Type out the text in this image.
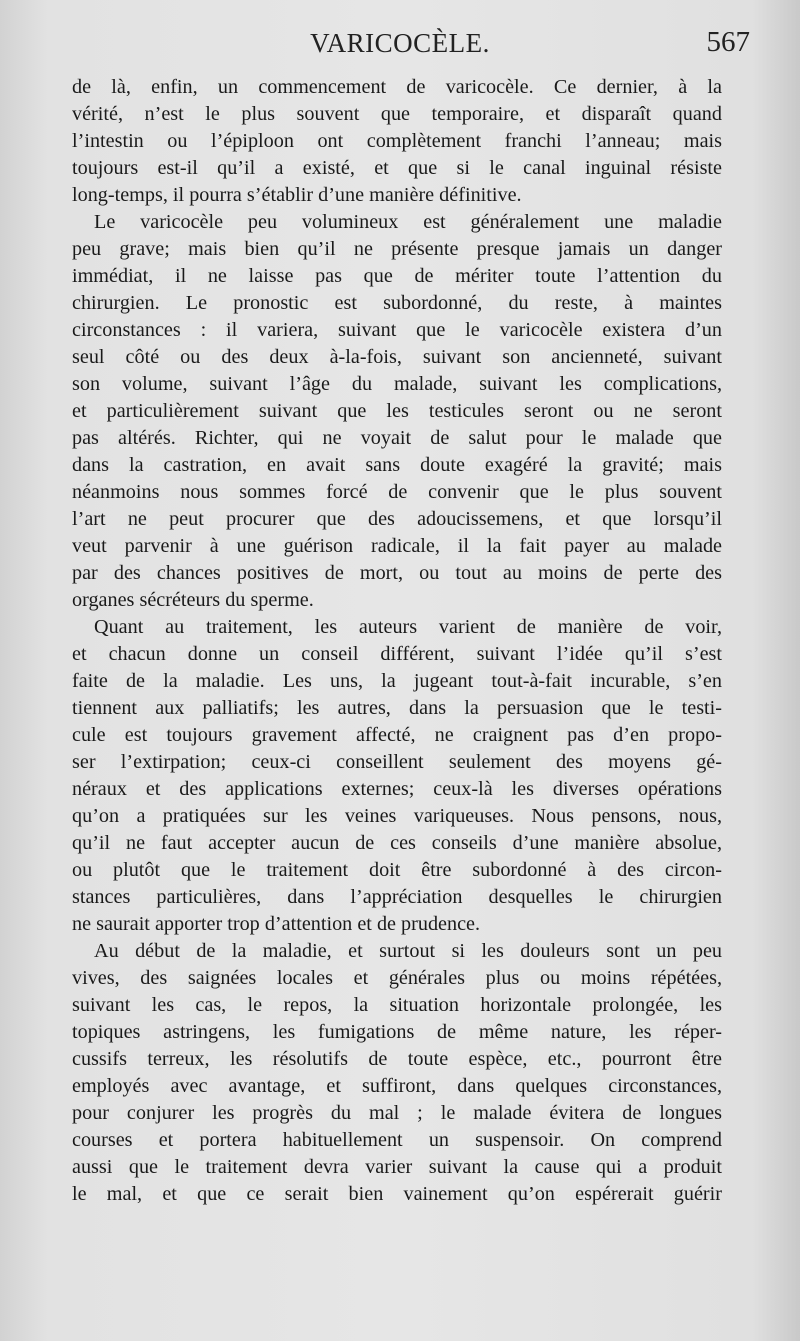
VARICOCÈLE.	567
de là, enfin, un commencement de varicocèle. Ce dernier, à la
vérité, n’est le plus souvent que temporaire, et disparaît quand
l’intestin ou l’épiploon ont complètement franchi l’anneau; mais
toujours est-il qu’il a existé, et que si le canal inguinal résiste
long-temps, il pourra s’établir d’une manière définitive.
Le varicocèle peu volumineux est généralement une maladie
peu grave; mais bien qu’il ne présente presque jamais un danger
immédiat, il ne laisse pas que de mériter toute l’attention du
chirurgien. Le pronostic est subordonné, du reste, à maintes
circonstances : il variera, suivant que le varicocèle existera d’un
seul côté ou des deux à-la-fois, suivant son ancienneté, suivant
son volume, suivant l’âge du malade, suivant les complications,
et particulièrement suivant que les testicules seront ou ne seront
pas altérés. Richter, qui ne voyait de salut pour le malade que
dans la castration, en avait sans doute exagéré la gravité; mais
néanmoins nous sommes forcé de convenir que le plus souvent
l’art ne peut procurer que des adoucissemens, et que lorsqu’il
veut parvenir à une guérison radicale, il la fait payer au malade
par des chances positives de mort, ou tout au moins de perte des
organes sécréteurs du sperme.
Quant au traitement, les auteurs varient de manière de voir,
et chacun donne un conseil différent, suivant l’idée qu’il s’est
faite de la maladie. Les uns, la jugeant tout-à-fait incurable, s’en
tiennent aux palliatifs; les autres, dans la persuasion que le testi-
cule est toujours gravement affecté, ne craignent pas d’en propo-
ser l’extirpation; ceux-ci conseillent seulement des moyens gé-
néraux et des applications externes; ceux-là les diverses opérations
qu’on a pratiquées sur les veines variqueuses. Nous pensons, nous,
qu’il ne faut accepter aucun de ces conseils d’une manière absolue,
ou plutôt que le traitement doit être subordonné à des circon-
stances particulières, dans l’appréciation desquelles le chirurgien
ne saurait apporter trop d’attention et de prudence.
Au début de la maladie, et surtout si les douleurs sont un peu
vives, des saignées locales et générales plus ou moins répétées,
suivant les cas, le repos, la situation horizontale prolongée, les
topiques astringens, les fumigations de même nature, les réper-
cussifs terreux, les résolutifs de toute espèce, etc., pourront être
employés avec avantage, et suffiront, dans quelques circonstances,
pour conjurer les progrès du mal ; le malade évitera de longues
courses et portera habituellement un suspensoir. On comprend
aussi que le traitement devra varier suivant la cause qui a produit
le mal, et que ce serait bien vainement qu’on espérerait guérir
